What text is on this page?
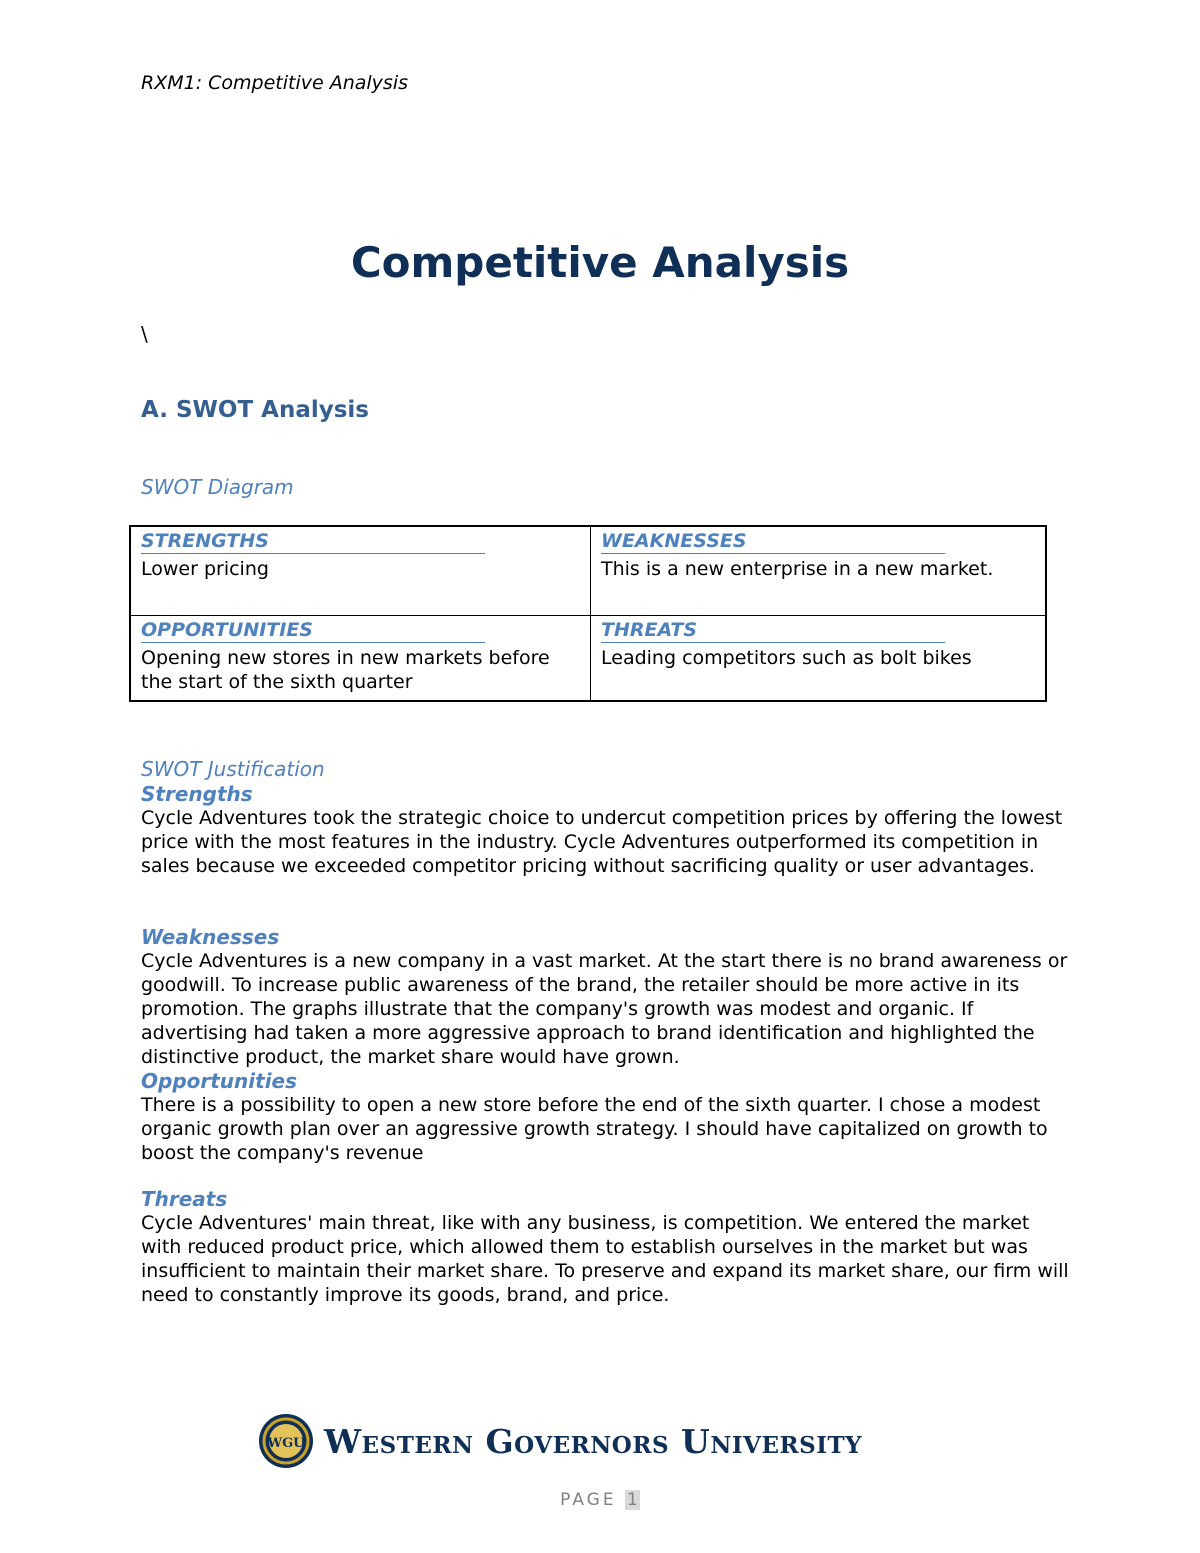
RXM1: Competitive Analysis
Competitive Analysis
\
A. SWOT Analysis
SWOT Diagram
STRENGTHS
Lower pricing
WEAKNESSES
This is a new enterprise in a new market.
OPPORTUNITIES
Opening new stores in new markets before the start of the sixth quarter
THREATS
Leading competitors such as bolt bikes
SWOT Justification
Strengths
Cycle Adventures took the strategic choice to undercut competition prices by offering the lowest price with the most features in the industry. Cycle Adventures outperformed its competition in sales because we exceeded competitor pricing without sacrificing quality or user advantages.
Weaknesses
Cycle Adventures is a new company in a vast market. At the start there is no brand awareness or goodwill. To increase public awareness of the brand, the retailer should be more active in its promotion. The graphs illustrate that the company's growth was modest and organic. If advertising had taken a more aggressive approach to brand identification and highlighted the distinctive product, the market share would have grown.
Opportunities
There is a possibility to open a new store before the end of the sixth quarter. I chose a modest organic growth plan over an aggressive growth strategy. I should have capitalized on growth to boost the company's revenue
Threats
Cycle Adventures' main threat, like with any business, is competition. We entered the market with reduced product price, which allowed them to establish ourselves in the market but was insufficient to maintain their market share. To preserve and expand its market share, our firm will need to constantly improve its goods, brand, and price.
WGU Western Governors University
PAGE 1
